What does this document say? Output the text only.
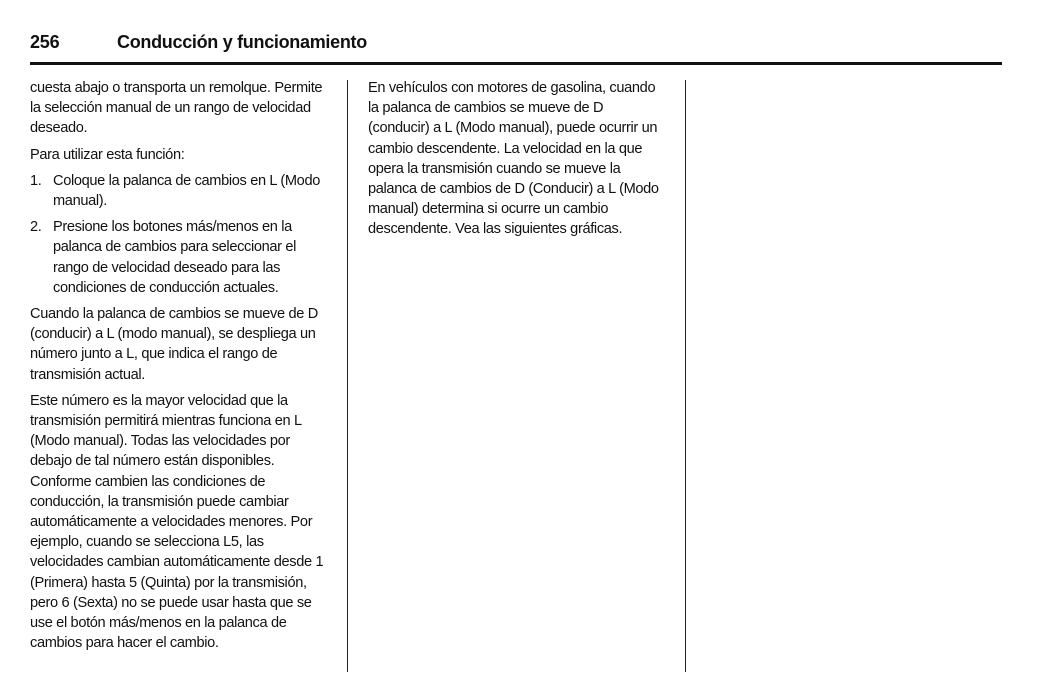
256	Conducción y funcionamiento

cuesta abajo o transporta un remolque. Permite la selección manual de un rango de velocidad deseado.

Para utilizar esta función:

1. Coloque la palanca de cambios en L (Modo manual).
2. Presione los botones más/menos en la palanca de cambios para seleccionar el rango de velocidad deseado para las condiciones de conducción actuales.

Cuando la palanca de cambios se mueve de D (conducir) a L (modo manual), se despliega un número junto a L, que indica el rango de transmisión actual.

Este número es la mayor velocidad que la transmisión permitirá mientras funciona en L (Modo manual). Todas las velocidades por debajo de tal número están disponibles. Conforme cambien las condiciones de conducción, la transmisión puede cambiar automáticamente a velocidades menores. Por ejemplo, cuando se selecciona L5, las velocidades cambian automáticamente desde 1 (Primera) hasta 5 (Quinta) por la transmisión, pero 6 (Sexta) no se puede usar hasta que se use el botón más/menos en la palanca de cambios para hacer el cambio.

En vehículos con motores de gasolina, cuando la palanca de cambios se mueve de D (conducir) a L (Modo manual), puede ocurrir un cambio descendente. La velocidad en la que opera la transmisión cuando se mueve la palanca de cambios de D (Conducir) a L (Modo manual) determina si ocurre un cambio descendente. Vea las siguientes gráficas.
